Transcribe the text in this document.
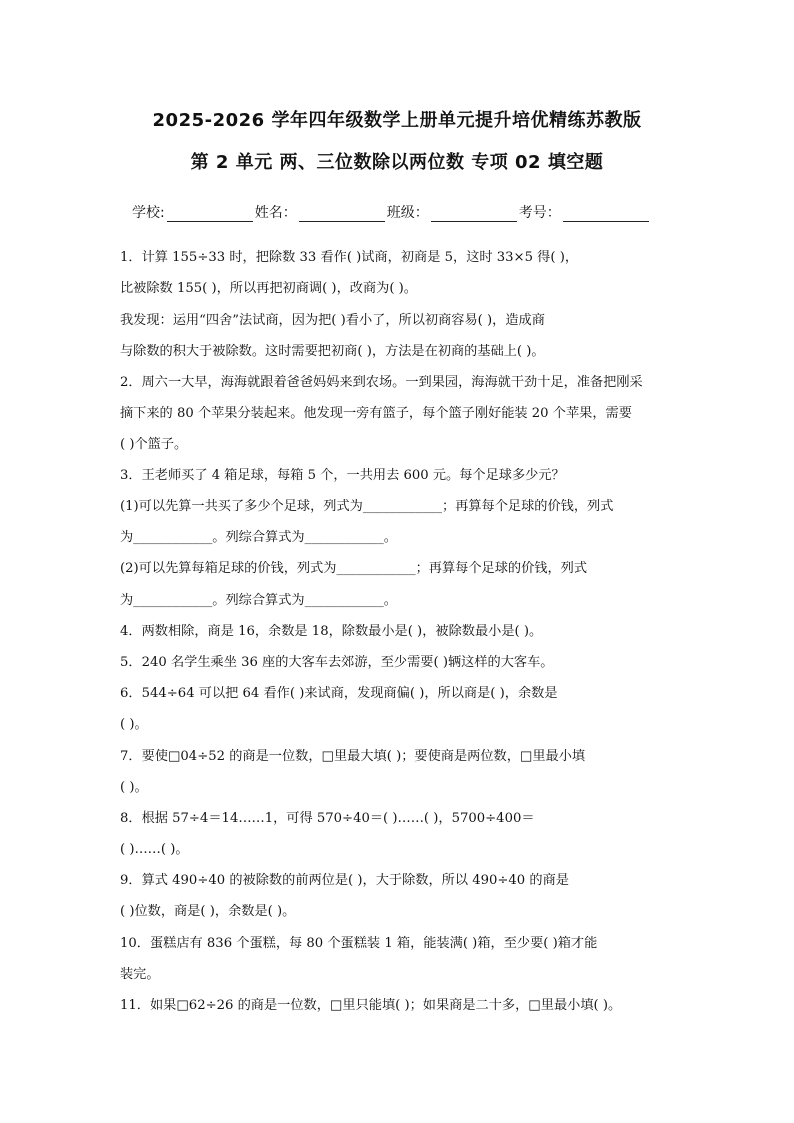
2025-2026 学年四年级数学上册单元提升培优精练苏教版
第 2 单元 两、三位数除以两位数 专项 02 填空题
学校:	姓名：	班级：	考号：
1．计算 155÷33 时，把除数 33 看作( )试商，初商是 5，这时 33×5 得( )，
比被除数 155( )，所以再把初商调( )，改商为( )。
我发现：运用“四舍”法试商，因为把( )看小了，所以初商容易( )，造成商
与除数的积大于被除数。这时需要把初商( )，方法是在初商的基础上( )。
2．周六一大早，海海就跟着爸爸妈妈来到农场。一到果园，海海就干劲十足，准备把刚采
摘下来的 80 个苹果分装起来。他发现一旁有篮子，每个篮子刚好能装 20 个苹果，需要
( )个篮子。
3．王老师买了 4 箱足球，每箱 5 个，一共用去 600 元。每个足球多少元？
(1)可以先算一共买了多少个足球，列式为____________；再算每个足球的价钱，列式
为____________。列综合算式为____________。
(2)可以先算每箱足球的价钱，列式为____________；再算每个足球的价钱，列式
为____________。列综合算式为____________。
4．两数相除，商是 16，余数是 18，除数最小是( )，被除数最小是( )。
5．240 名学生乘坐 36 座的大客车去郊游，至少需要( )辆这样的大客车。
6．544÷64 可以把 64 看作( )来试商，发现商偏( )，所以商是( )，余数是
( )。
7．要使□04÷52 的商是一位数，□里最大填( )；要使商是两位数，□里最小填
( )。
8．根据 57÷4＝14……1，可得 570÷40＝( )……( )，5700÷400＝
( )……( )。
9．算式 490÷40 的被除数的前两位是( )，大于除数，所以 490÷40 的商是
( )位数，商是( )，余数是( )。
10．蛋糕店有 836 个蛋糕，每 80 个蛋糕装 1 箱，能装满( )箱，至少要( )箱才能
装完。
11．如果□62÷26 的商是一位数，□里只能填( )；如果商是二十多，□里最小填( )。
